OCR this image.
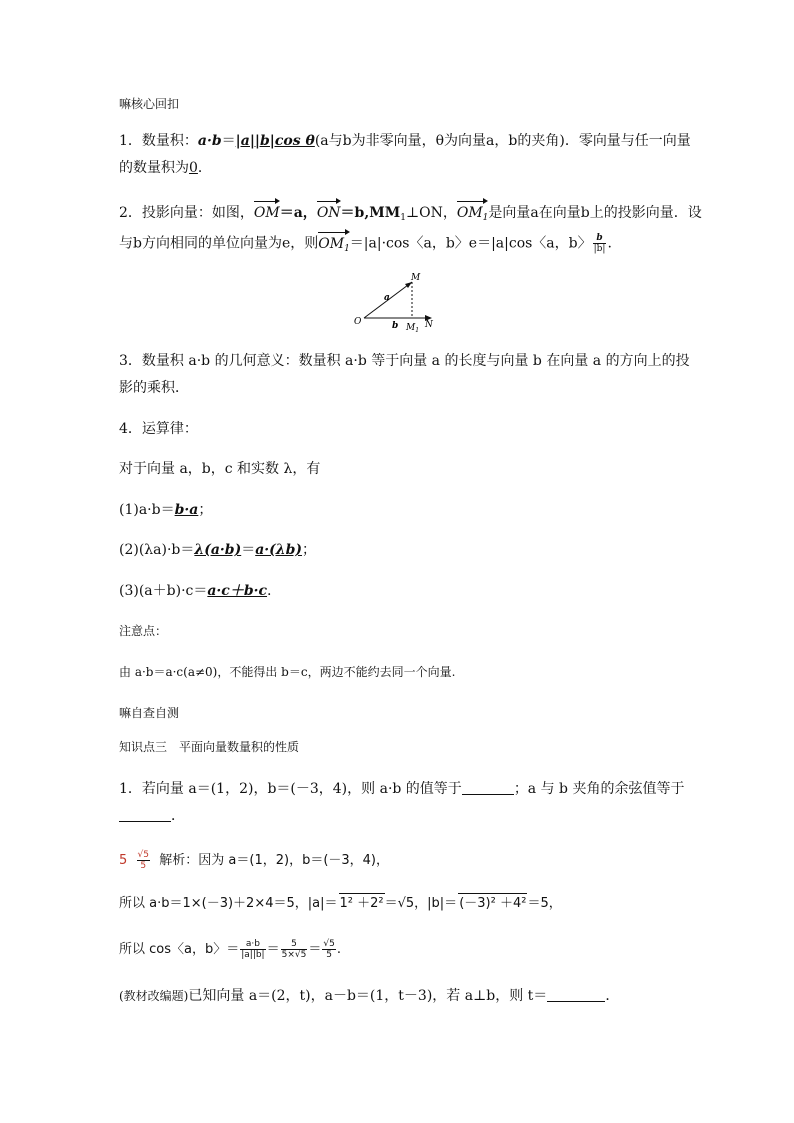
嘛核心回扣
1．数量积：a·b＝|a||b|cos θ(a与b为非零向量，θ为向量a，b的夹角)．零向量与任一向量
的数量积为0．
2．投影向量：如图，OM＝a，$ON=b,MM_1\perp ON$，$OM_1$是向量a在向量b上的投影向量．设
与b方向相同的单位向量为e，则$OM_1=|a|\cdot\cos$〈a，b〉e＝|a|cos〈a，b〉 $\frac{b}{|b|}$ .
M
O
a
b $M_1$
N
3．数量积 a·b 的几何意义：数量积 a·b 等于向量 a 的长度与向量 b 在向量 a 的方向上的投
影的乘积．
4．运算律：
对于向量 a，b，c 和实数 λ，有
(1)a·b＝b·a；
(2)(λa)·b＝λ(a·b)＝a·(λb)；
(3)(a＋b)·c＝a·c＋b·c.
注意点：
由 a·b＝a·c(a≠0)，不能得出 b＝c，两边不能约去同一个向量.
嘛自查自测
知识点三　平面向量数量积的性质
1．若向量 a＝(1，2)，b＝(－3，4)，则 a·b 的值等于	；a 与 b 夹角的余弦值等于
．
$5 \frac{√5}{5}$ 解析：因为 a＝(1，2)，b＝(－3，4)，
所以 a·b＝1×(－3)＋2×4＝5，|a|＝ 1² ＋2²＝√5，|b|＝ (－3)² ＋4²＝5，
所以 cos〈a，b〉＝ $\frac{a\cdot b}{|a||b|} = \frac{5}{5\times√5} = \frac{√5}{5}$ .
(教材改编题)已知向量 a＝(2，t)，a－b＝(1，t－3)，若 a⊥b，则 t＝	．
